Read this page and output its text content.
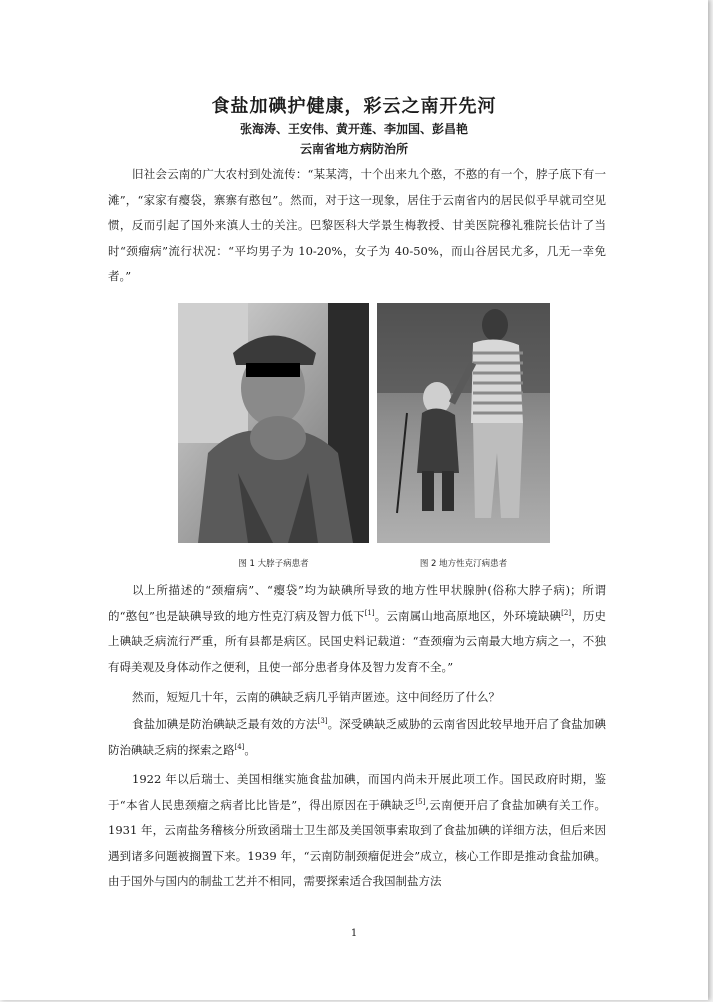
食盐加碘护健康，彩云之南开先河
张海涛、王安伟、黄开莲、李加国、彭昌艳
云南省地方病防治所

旧社会云南的广大农村到处流传：“某某湾，十个出来九个憨，不憨的有一个，脖子底下有一滩”，“家家有瘿袋，寨寨有憨包”。然而，对于这一现象，居住于云南省内的居民似乎早就司空见惯，反而引起了国外来滇人士的关注。巴黎医科大学景生梅教授、甘美医院穆礼雅院长估计了当时“颈瘤病”流行状况：“平均男子为 10-20%，女子为 40-50%，而山谷居民尤多，几无一幸免者。”

图 1 大脖子病患者	图 2 地方性克汀病患者

以上所描述的“颈瘤病”、“瘿袋”均为缺碘所导致的地方性甲状腺肿(俗称大脖子病)；所谓的“憨包”也是缺碘导致的地方性克汀病及智力低下[1]。云南属山地高原地区，外环境缺碘[2]，历史上碘缺乏病流行严重，所有县都是病区。民国史料记载道：“查颈瘤为云南最大地方病之一，不独有碍美观及身体动作之便利，且使一部分患者身体及智力发育不全。”

然而，短短几十年，云南的碘缺乏病几乎销声匿迹。这中间经历了什么？

食盐加碘是防治碘缺乏最有效的方法[3]。深受碘缺乏威胁的云南省因此较早地开启了食盐加碘防治碘缺乏病的探索之路[4]。

1922 年以后瑞士、美国相继实施食盐加碘，而国内尚未开展此项工作。国民政府时期，鉴于“本省人民患颈瘤之病者比比皆是”，得出原因在于碘缺乏[5],云南便开启了食盐加碘有关工作。1931 年，云南盐务稽核分所致函瑞士卫生部及美国领事索取到了食盐加碘的详细方法，但后来因遇到诸多问题被搁置下来。1939 年，“云南防制颈瘤促进会”成立，核心工作即是推动食盐加碘。由于国外与国内的制盐工艺并不相同，需要探索适合我国制盐方法

1
